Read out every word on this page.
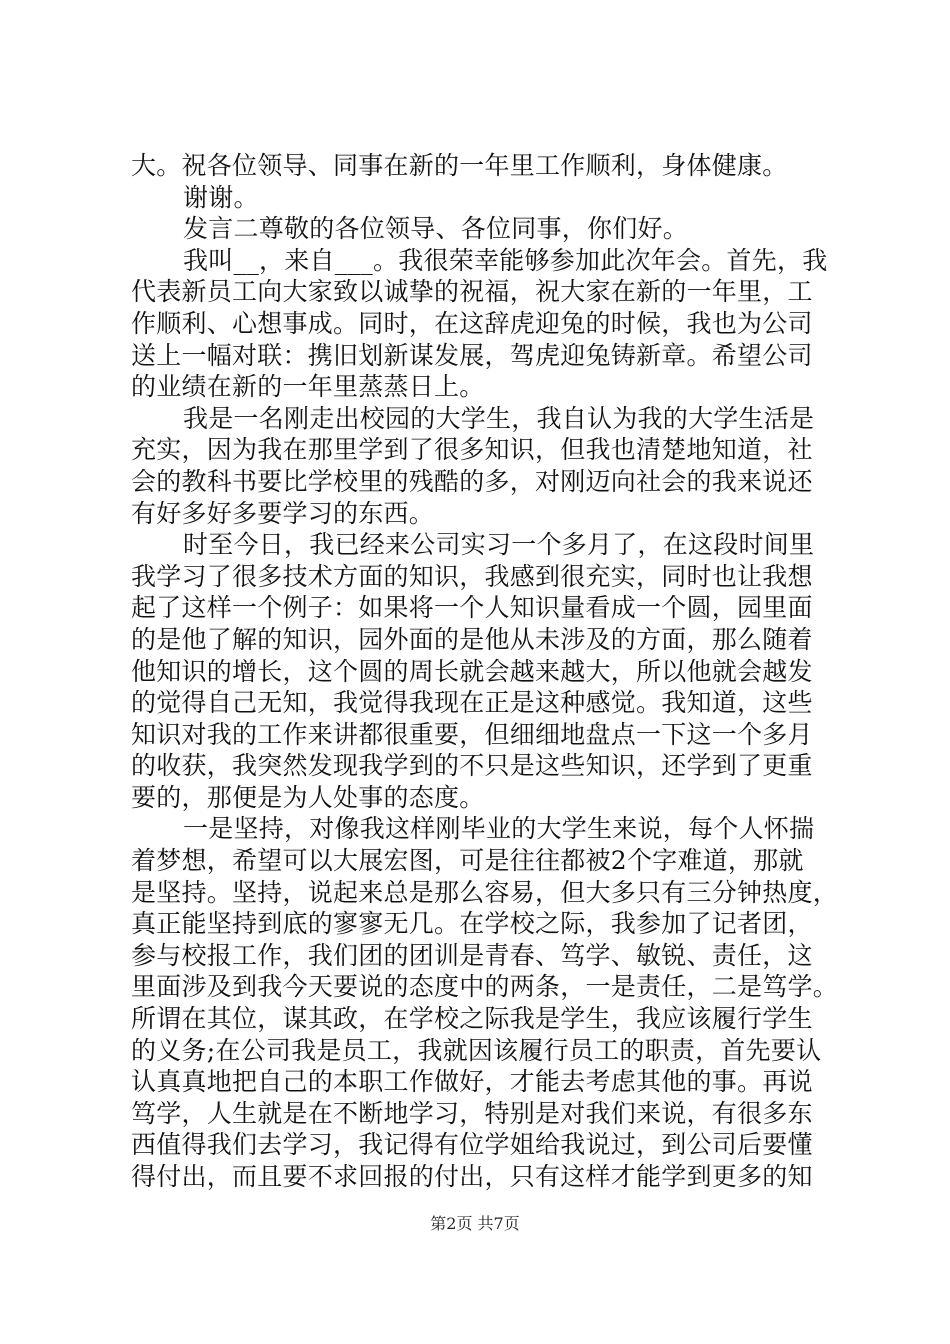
大。祝各位领导、同事在新的一年里工作顺利，身体健康。
谢谢。
发言二尊敬的各位领导、各位同事，你们好。
我叫__，来自___。我很荣幸能够参加此次年会。首先，我
代表新员工向大家致以诚挚的祝福，祝大家在新的一年里，工
作顺利、心想事成。同时，在这辞虎迎兔的时候，我也为公司
送上一幅对联：携旧划新谋发展，驾虎迎兔铸新章。希望公司
的业绩在新的一年里蒸蒸日上。
我是一名刚走出校园的大学生，我自认为我的大学生活是
充实，因为我在那里学到了很多知识，但我也清楚地知道，社
会的教科书要比学校里的残酷的多，对刚迈向社会的我来说还
有好多好多要学习的东西。
时至今日，我已经来公司实习一个多月了，在这段时间里
我学习了很多技术方面的知识，我感到很充实，同时也让我想
起了这样一个例子：如果将一个人知识量看成一个圆，园里面
的是他了解的知识，园外面的是他从未涉及的方面，那么随着
他知识的增长，这个圆的周长就会越来越大，所以他就会越发
的觉得自己无知，我觉得我现在正是这种感觉。我知道，这些
知识对我的工作来讲都很重要，但细细地盘点一下这一个多月
的收获，我突然发现我学到的不只是这些知识，还学到了更重
要的，那便是为人处事的态度。
一是坚持，对像我这样刚毕业的大学生来说，每个人怀揣
着梦想，希望可以大展宏图，可是往往都被2个字难道，那就
是坚持。坚持，说起来总是那么容易，但大多只有三分钟热度，
真正能坚持到底的寥寥无几。在学校之际，我参加了记者团，
参与校报工作，我们团的团训是青春、笃学、敏锐、责任，这
里面涉及到我今天要说的态度中的两条，一是责任，二是笃学。
所谓在其位，谋其政，在学校之际我是学生，我应该履行学生
的义务;在公司我是员工，我就因该履行员工的职责，首先要认
认真真地把自己的本职工作做好，才能去考虑其他的事。再说
笃学，人生就是在不断地学习，特别是对我们来说，有很多东
西值得我们去学习，我记得有位学姐给我说过，到公司后要懂
得付出，而且要不求回报的付出，只有这样才能学到更多的知
第2页 共7页
